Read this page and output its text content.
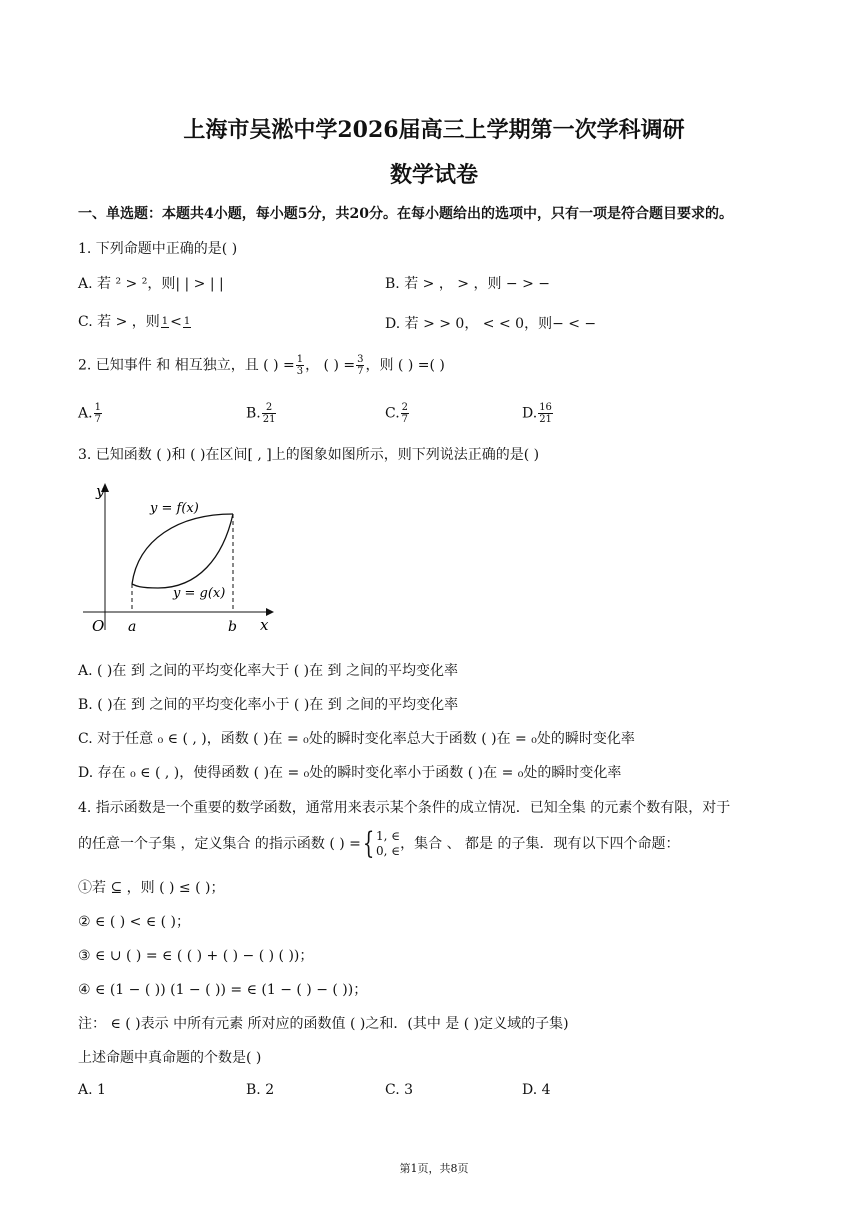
上海市吴淞中学2026届高三上学期第一次学科调研
数学试卷
一、单选题：本题共4小题，每小题5分，共20分。在每小题给出的选项中，只有一项是符合题目要求的。
1. 下列命题中正确的是( )
A. 若 ² > ²，则| | > | |	B. 若 > ， > ，则 − > −
C. 若 > ，则 1 < 1	D. 若 > > 0， < < 0，则− < −
2. 已知事件 和 相互独立，且 ( ) = $\frac{1}{3}$ ， ( ) = $\frac{3}{7}$ ，则 ( ) =( )
A. $\frac{1}{7}$	B. $\frac{2}{21}$	C. $\frac{2}{7}$	D. $\frac{16}{21}$
3. 已知函数 ( )和 ( )在区间[ , ]上的图象如图所示，则下列说法正确的是( )
y
x
O a	b
y = f(x)
y = g(x)
A. ( )在 到 之间的平均变化率大于 ( )在 到 之间的平均变化率
B. ( )在 到 之间的平均变化率小于 ( )在 到 之间的平均变化率
C. 对于任意 ₀ ∈ ( , )，函数 ( )在 = ₀处的瞬时变化率总大于函数 ( )在 = ₀处的瞬时变化率
D. 存在 ₀ ∈ ( , )，使得函数 ( )在 = ₀处的瞬时变化率小于函数 ( )在 = ₀处的瞬时变化率
4. 指示函数是一个重要的数学函数，通常用来表示某个条件的成立情况．已知全集 的元素个数有限，对于
的任意一个子集 ，定义集合 的指示函数 ( ) ={ 1, ∈
0, ∈ ，集合 、 都是 的子集．现有以下四个命题：
①若 ⊆ ，则 ( ) ≤ ( )；
② ∈ ( ) < ∈ ( )；
③ ∈ ∪ ( ) = ∈ ( ( ) + ( ) − ( ) ( ))；
④ ∈ (1 − ( )) (1 − ( )) = ∈ (1 − ( ) − ( ))；
注： ∈ ( )表示 中所有元素 所对应的函数值 ( )之和．(其中 是 ( )定义域的子集)
上述命题中真命题的个数是( )
A. 1	B. 2	C. 3	D. 4
第1页，共8页
